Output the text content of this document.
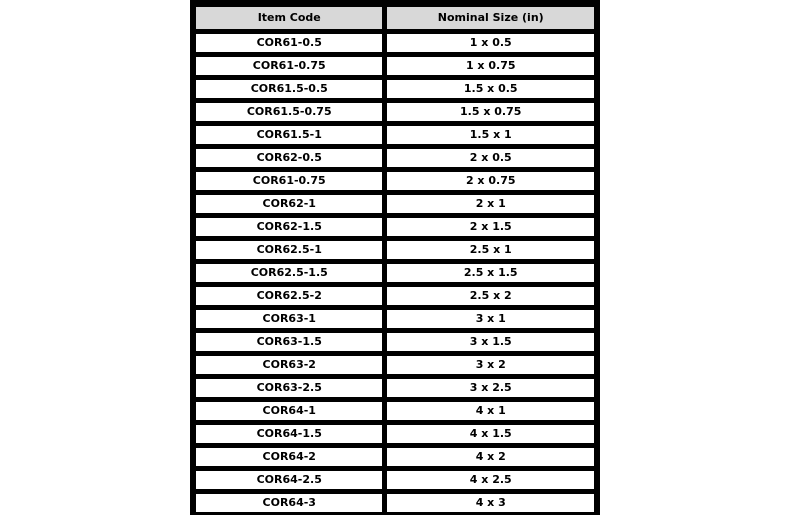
Item Code	Nominal Size (in)
COR61-0.5	1 x 0.5
COR61-0.75	1 x 0.75
COR61.5-0.5	1.5 x 0.5
COR61.5-0.75	1.5 x 0.75
COR61.5-1	1.5 x 1
COR62-0.5	2 x 0.5
COR61-0.75	2 x 0.75
COR62-1	2 x 1
COR62-1.5	2 x 1.5
COR62.5-1	2.5 x 1
COR62.5-1.5	2.5 x 1.5
COR62.5-2	2.5 x 2
COR63-1	3 x 1
COR63-1.5	3 x 1.5
COR63-2	3 x 2
COR63-2.5	3 x 2.5
COR64-1	4 x 1
COR64-1.5	4 x 1.5
COR64-2	4 x 2
COR64-2.5	4 x 2.5
COR64-3	4 x 3
